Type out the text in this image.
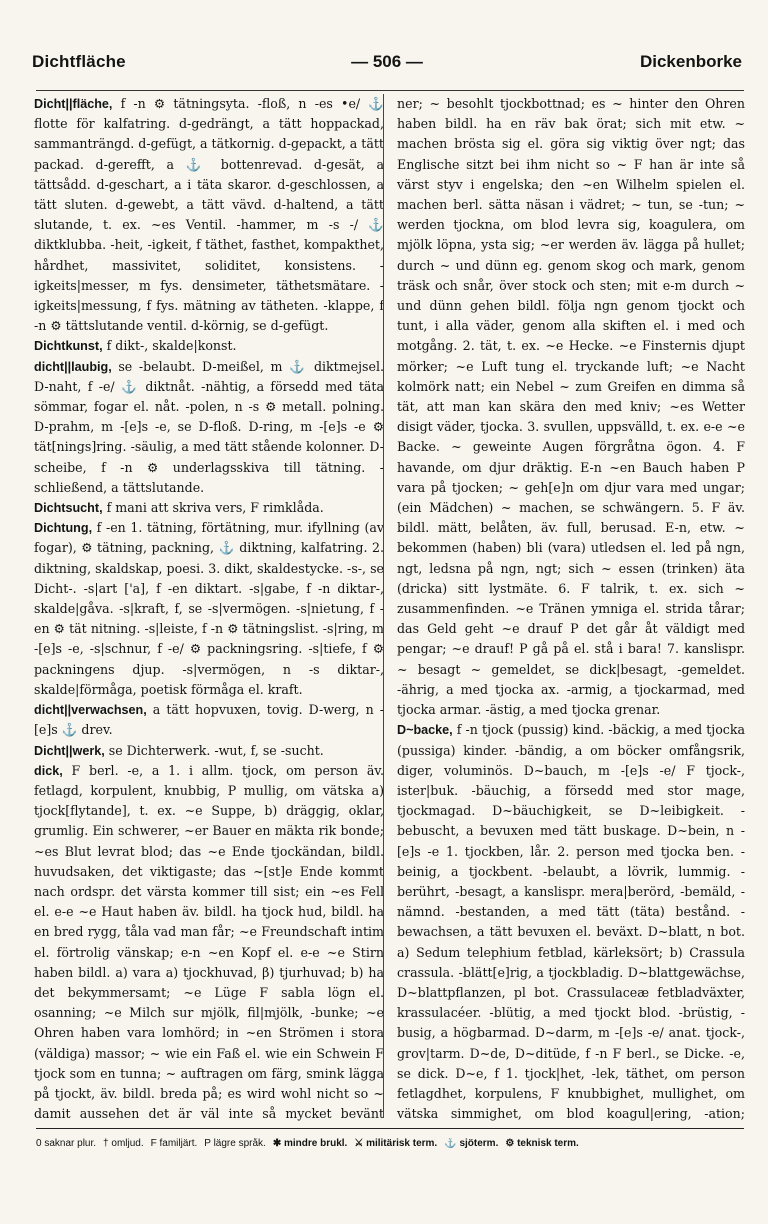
Dichtfläche	— 506 —	Dickenborke

Dicht||fläche, f -n ⚙ tätningsyta. -floß, n -es •e/ ⚓ flotte för kalfatring. d-gedrängt, a tätt hoppackad, sammanträngd. d-gefügt, a tätkornig. d-gepackt, a tätt packad. d-gerefft, a ⚓ bottenrevad. d-gesät, a tättsådd. d-geschart, a i täta skaror. d-geschlossen, a tätt sluten. d-gewebt, a tätt vävd. d-haltend, a tätt slutande, t. ex. ~es Ventil. -hammer, m -s -/ ⚓ diktklubba. -heit, -igkeit, f täthet, fasthet, kompakthet, hårdhet, massivitet, soliditet, konsistens. -igkeits|messer, m fys. densimeter, täthetsmätare. -igkeits|messung, f fys. mätning av tätheten. -klappe, f -n ⚙ tättslutande ventil. d-körnig, se d-gefügt.

Dichtkunst, f dikt-, skalde|konst.

dicht||laubig, se -belaubt. D-meißel, m ⚓ diktmejsel. D-naht, f -e/ ⚓ diktnåt. -nähtig, a försedd med täta sömmar, fogar el. nåt. -polen, n -s ⚙ metall. polning. D-prahm, m -[e]s -e, se D-floß. D-ring, m -[e]s -e ⚙ tät[nings]ring. -säulig, a med tätt stående kolonner. D-scheibe, f -n ⚙ underlagsskiva till tätning. -schließend, a tättslutande.

Dichtsucht, f mani att skriva vers, F rimklåda.

Dichtung, f -en 1. tätning, förtätning, mur. ifyllning (av fogar), ⚙ tätning, packning, ⚓ diktning, kalfatring. 2. diktning, skaldskap, poesi. 3. dikt, skaldestycke. -s-, se Dicht-. -s|art ['a], f -en diktart. -s|gabe, f -n diktar-, skalde|gåva. -s|kraft, f, se -s|vermögen. -s|nietung, f -en ⚙ tät nitning. -s|leiste, f -n ⚙ tätningslist. -s|ring, m -[e]s -e, -s|schnur, f -e/ ⚙ packningsring. -s|tiefe, f ⚙ packningens djup. -s|vermögen, n -s diktar-, skalde|förmåga, poetisk förmåga el. kraft.

dicht||verwachsen, a tätt hopvuxen, tovig. D-werg, n -[e]s ⚓ drev.

Dicht||werk, se Dichterwerk. -wut, f, se -sucht.

dick, F berl. -e, a 1. i allm. tjock, om person äv. fetlagd, korpulent, knubbig, P mullig, om vätska a) tjock[flytande], t. ex. ~e Suppe, b) dräggig, oklar, grumlig. Ein schwerer, ~er Bauer en mäkta rik bonde; ~es Blut levrat blod; das ~e Ende tjockändan, bildl. huvudsaken, det viktigaste; das ~[st]e Ende kommt nach ordspr. det värsta kommer till sist; ein ~es Fell el. e-e ~e Haut haben äv. bildl. ha tjock hud, bildl. ha en bred rygg, tåla vad man får; ~e Freundschaft intim el. förtrolig vänskap; e-n ~en Kopf el. e-e ~e Stirn haben bildl. a) vara a) tjockhuvad, β) tjurhuvad; b) ha det bekymmersamt; ~e Lüge F sabla lögn el. osanning; ~e Milch sur mjölk, fil|mjölk, -bunke; ~e Ohren haben vara lomhörd; in ~en Strömen i stora (väldiga) massor; ~ wie ein Faß el. wie ein Schwein F tjock som en tunna; ~ auftragen om färg, smink lägga på tjockt, äv. bildl. breda på; es wird wohl nicht so ~ damit aussehen det är väl inte så mycket bevänt

ner; ~ besohlt tjockbottnad; es ~ hinter den Ohren haben bildl. ha en räv bak örat; sich mit etw. ~ machen brösta sig el. göra sig viktig över ngt; das Englische sitzt bei ihm nicht so ~ F han är inte så värst styv i engelska; den ~en Wilhelm spielen el. machen berl. sätta näsan i vädret; ~ tun, se -tun; ~ werden tjockna, om blod levra sig, koagulera, om mjölk löpna, ysta sig; ~er werden äv. lägga på hullet; durch ~ und dünn eg. genom skog och mark, genom träsk och snår, över stock och sten; mit e-m durch ~ und dünn gehen bildl. följa ngn genom tjockt och tunt, i alla väder, genom alla skiften el. i med och motgång. 2. tät, t. ex. ~e Hecke. ~e Finsternis djupt mörker; ~e Luft tung el. tryckande luft; ~e Nacht kolmörk natt; ein Nebel ~ zum Greifen en dimma så tät, att man kan skära den med kniv; ~es Wetter disigt väder, tjocka. 3. svullen, uppsvälld, t. ex. e-e ~e Backe. ~ geweinte Augen förgråtna ögon. 4. F havande, om djur dräktig. E-n ~en Bauch haben P vara på tjocken; ~ geh[e]n om djur vara med ungar; (ein Mädchen) ~ machen, se schwängern. 5. F äv. bildl. mätt, belåten, äv. full, berusad. E-n, etw. ~ bekommen (haben) bli (vara) utledsen el. led på ngn, ngt, ledsna på ngn, ngt; sich ~ essen (trinken) äta (dricka) sitt lystmäte. 6. F talrik, t. ex. sich ~ zusammenfinden. ~e Tränen ymniga el. strida tårar; das Geld geht ~e drauf P det går åt väldigt med pengar; ~e drauf! P gå på el. stå i bara! 7. kanslispr. ~ besagt ~ gemeldet, se dick|besagt, -gemeldet. -ährig, a med tjocka ax. -armig, a tjockarmad, med tjocka armar. -ästig, a med tjocka grenar.

D~backe, f -n tjock (pussig) kind. -bäckig, a med tjocka (pussiga) kinder. -bändig, a om böcker omfångsrik, diger, voluminös. D~bauch, m -[e]s -e/ F tjock-, ister|buk. -bäuchig, a försedd med stor mage, tjockmagad. D~bäuchigkeit, se D~leibigkeit. -bebuscht, a bevuxen med tätt buskage. D~bein, n -[e]s -e 1. tjockben, lår. 2. person med tjocka ben. -beinig, a tjockbent. -belaubt, a lövrik, lummig. -berührt, -besagt, a kanslispr. mera|berörd, -bemäld, -nämnd. -bestanden, a med tätt (täta) bestånd. -bewachsen, a tätt bevuxen el. beväxt. D~blatt, n bot. a) Sedum telephium fetblad, kärleksört; b) Crassula crassula. -blätt[e]rig, a tjockbladig. D~blattgewächse, D~blattpflanzen, pl bot. Crassulaceæ fetbladväxter, krassulacéer. -blütig, a med tjockt blod. -brüstig, -busig, a högbarmad. D~darm, m -[e]s -e/ anat. tjock-, grov|tarm. D~de, D~ditüde, f -n F berl., se Dicke. -e, se dick. D~e, f 1. tjock|het, -lek, täthet, om person fetlagdhet, korpulens, F knubbighet, mullighet, om vätska simmighet, om blod koagul|ering, -ation;

0 saknar plur. † omljud. F familjärt. P lägre språk. ✱ mindre brukl. ⚔ militärisk term. ⚓ sjöterm. ⚙ teknisk term.
